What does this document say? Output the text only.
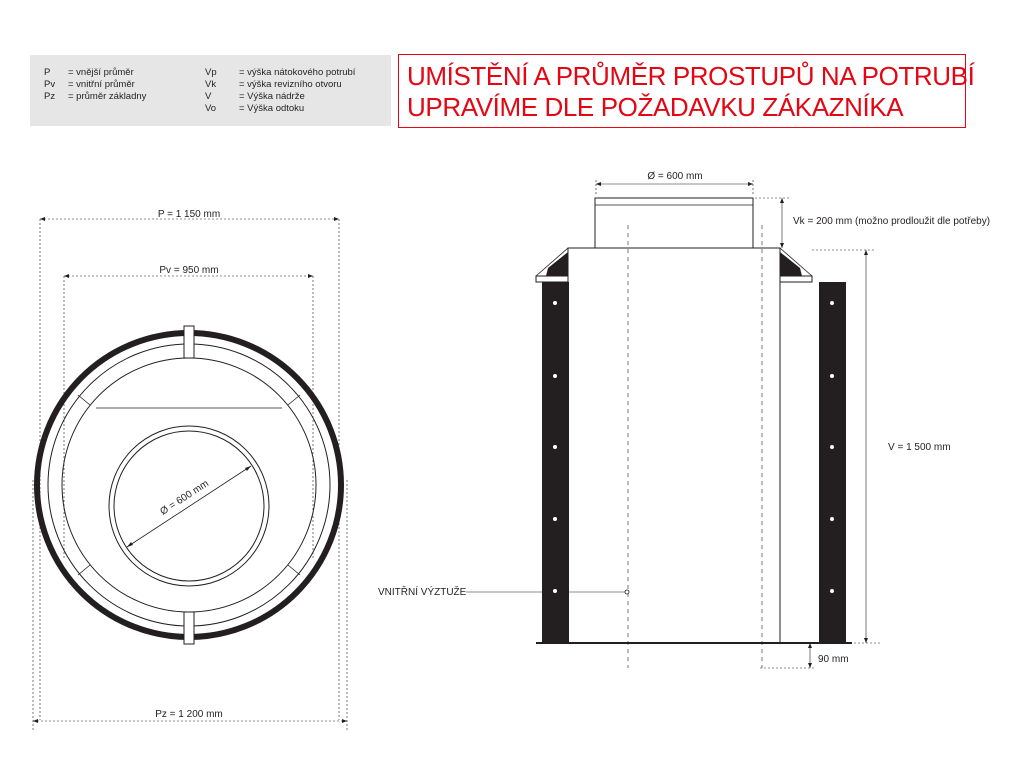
P = vnější průměr
Pv = vnitřní průměr
Pz = průměr základny
Vp = výška nátokového potrubí
Vk = výška revizního otvoru
V	= Výška nádrže
Vo = Výška odtoku
UMÍSTĚNÍ A PRŮMĚR PROSTUPŮ NA POTRUBÍ
UPRAVÍME DLE POŽADAVKU ZÁKAZNÍKA
P = 1 150 mm
Pv = 950 mm
Ø = 600 mm
Pz = 1 200 mm
Ø = 600 mm
Vk = 200 mm (možno prodloužit dle potřeby)
V = 1 500 mm
90 mm
VNITŘNÍ VÝZTUŽE
